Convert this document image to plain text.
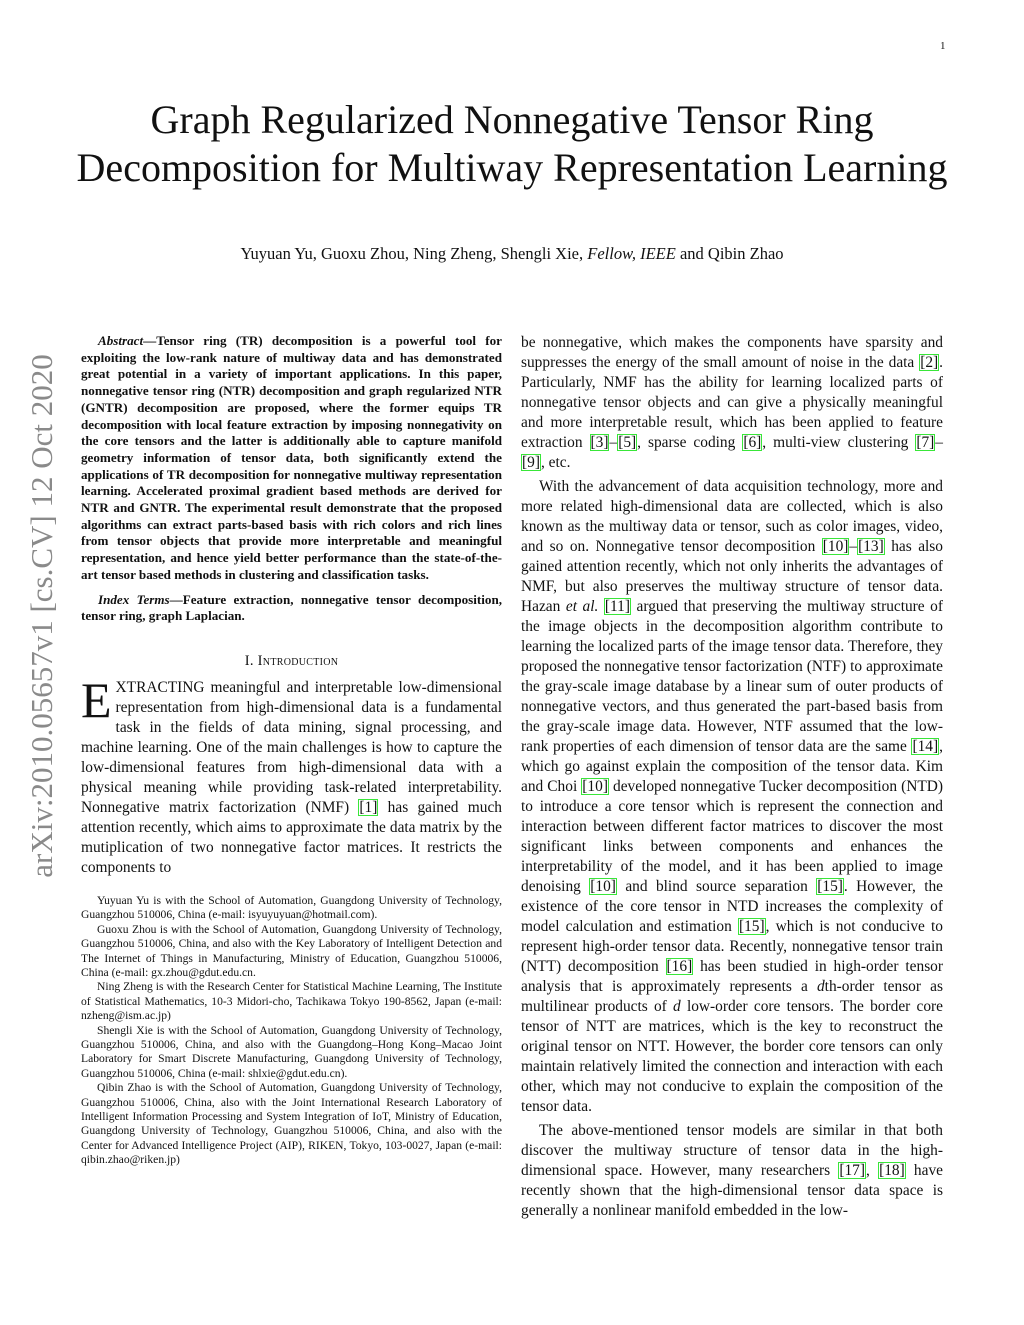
1
arXiv:2010.05657v1 [cs.CV] 12 Oct 2020
Graph Regularized Nonnegative Tensor Ring Decomposition for Multiway Representation Learning
Yuyuan Yu, Guoxu Zhou, Ning Zheng, Shengli Xie, Fellow, IEEE and Qibin Zhao

Abstract—Tensor ring (TR) decomposition is a powerful tool for exploiting the low-rank nature of multiway data and has demonstrated great potential in a variety of important applications. In this paper, nonnegative tensor ring (NTR) decomposition and graph regularized NTR (GNTR) decomposition are proposed, where the former equips TR decomposition with local feature extraction by imposing nonnegativity on the core tensors and the latter is additionally able to capture manifold geometry information of tensor data, both significantly extend the applications of TR decomposition for nonnegative multiway representation learning. Accelerated proximal gradient based methods are derived for NTR and GNTR. The experimental result demonstrate that the proposed algorithms can extract parts-based basis with rich colors and rich lines from tensor objects that provide more interpretable and meaningful representation, and hence yield better performance than the state-of-the-art tensor based methods in clustering and classification tasks.

Index Terms—Feature extraction, nonnegative tensor decomposition, tensor ring, graph Laplacian.

I. Introduction

EXTRACTING meaningful and interpretable low-dimensional representation from high-dimensional data is a fundamental task in the fields of data mining, signal processing, and machine learning. One of the main challenges is how to capture the low-dimensional features from high-dimensional data with a physical meaning while providing task-related interpretability. Nonnegative matrix factorization (NMF) [1] has gained much attention recently, which aims to approximate the data matrix by the mutiplication of two nonnegative factor matrices. It restricts the components to

Yuyuan Yu is with the School of Automation, Guangdong University of Technology, Guangzhou 510006, China (e-mail: isyuyuyuan@hotmail.com).

Guoxu Zhou is with the School of Automation, Guangdong University of Technology, Guangzhou 510006, China, and also with the Key Laboratory of Intelligent Detection and The Internet of Things in Manufacturing, Ministry of Education, Guangzhou 510006, China (e-mail: gx.zhou@gdut.edu.cn.

Ning Zheng is with the Research Center for Statistical Machine Learning, The Institute of Statistical Mathematics, 10-3 Midori-cho, Tachikawa Tokyo 190-8562, Japan (e-mail: nzheng@ism.ac.jp)

Shengli Xie is with the School of Automation, Guangdong University of Technology, Guangzhou 510006, China, and also with the Guangdong–Hong Kong–Macao Joint Laboratory for Smart Discrete Manufacturing, Guangdong University of Technology, Guangzhou 510006, China (e-mail: shlxie@gdut.edu.cn).

Qibin Zhao is with the School of Automation, Guangdong University of Technology, Guangzhou 510006, China, also with the Joint International Research Laboratory of Intelligent Information Processing and System Integration of IoT, Ministry of Education, Guangdong University of Technology, Guangzhou 510006, China, and also with the Center for Advanced Intelligence Project (AIP), RIKEN, Tokyo, 103-0027, Japan (e-mail: qibin.zhao@riken.jp)

be nonnegative, which makes the components have sparsity and suppresses the energy of the small amount of noise in the data [2]. Particularly, NMF has the ability for learning localized parts of nonnegative tensor objects and can give a physically meaningful and more interpretable result, which has been applied to feature extraction [3]–[5], sparse coding [6], multi-view clustering [7]–[9], etc.

With the advancement of data acquisition technology, more and more related high-dimensional data are collected, which is also known as the multiway data or tensor, such as color images, video, and so on. Nonnegative tensor decomposition [10]–[13] has also gained attention recently, which not only inherits the advantages of NMF, but also preserves the multiway structure of tensor data. Hazan et al. [11] argued that preserving the multiway structure of the image objects in the decomposition algorithm contribute to learning the localized parts of the image tensor data. Therefore, they proposed the nonnegative tensor factorization (NTF) to approximate the gray-scale image database by a linear sum of outer products of nonnegative vectors, and thus generated the part-based basis from the gray-scale image data. However, NTF assumed that the low-rank properties of each dimension of tensor data are the same [14], which go against explain the composition of the tensor data. Kim and Choi [10] developed nonnegative Tucker decomposition (NTD) to introduce a core tensor which is represent the connection and interaction between different factor matrices to discover the most significant links between components and enhances the interpretability of the model, and it has been applied to image denoising [10] and blind source separation [15]. However, the existence of the core tensor in NTD increases the complexity of model calculation and estimation [15], which is not conducive to represent high-order tensor data. Recently, nonnegative tensor train (NTT) decomposition [16] has been studied in high-order tensor analysis that is approximately represents a dth-order tensor as multilinear products of d low-order core tensors. The border core tensor of NTT are matrices, which is the key to reconstruct the original tensor on NTT. However, the border core tensors can only maintain relatively limited the connection and interaction with each other, which may not conducive to explain the composition of the tensor data.

The above-mentioned tensor models are similar in that both discover the multiway structure of tensor data in the high-dimensional space. However, many researchers [17], [18] have recently shown that the high-dimensional tensor data space is generally a nonlinear manifold embedded in the low-
